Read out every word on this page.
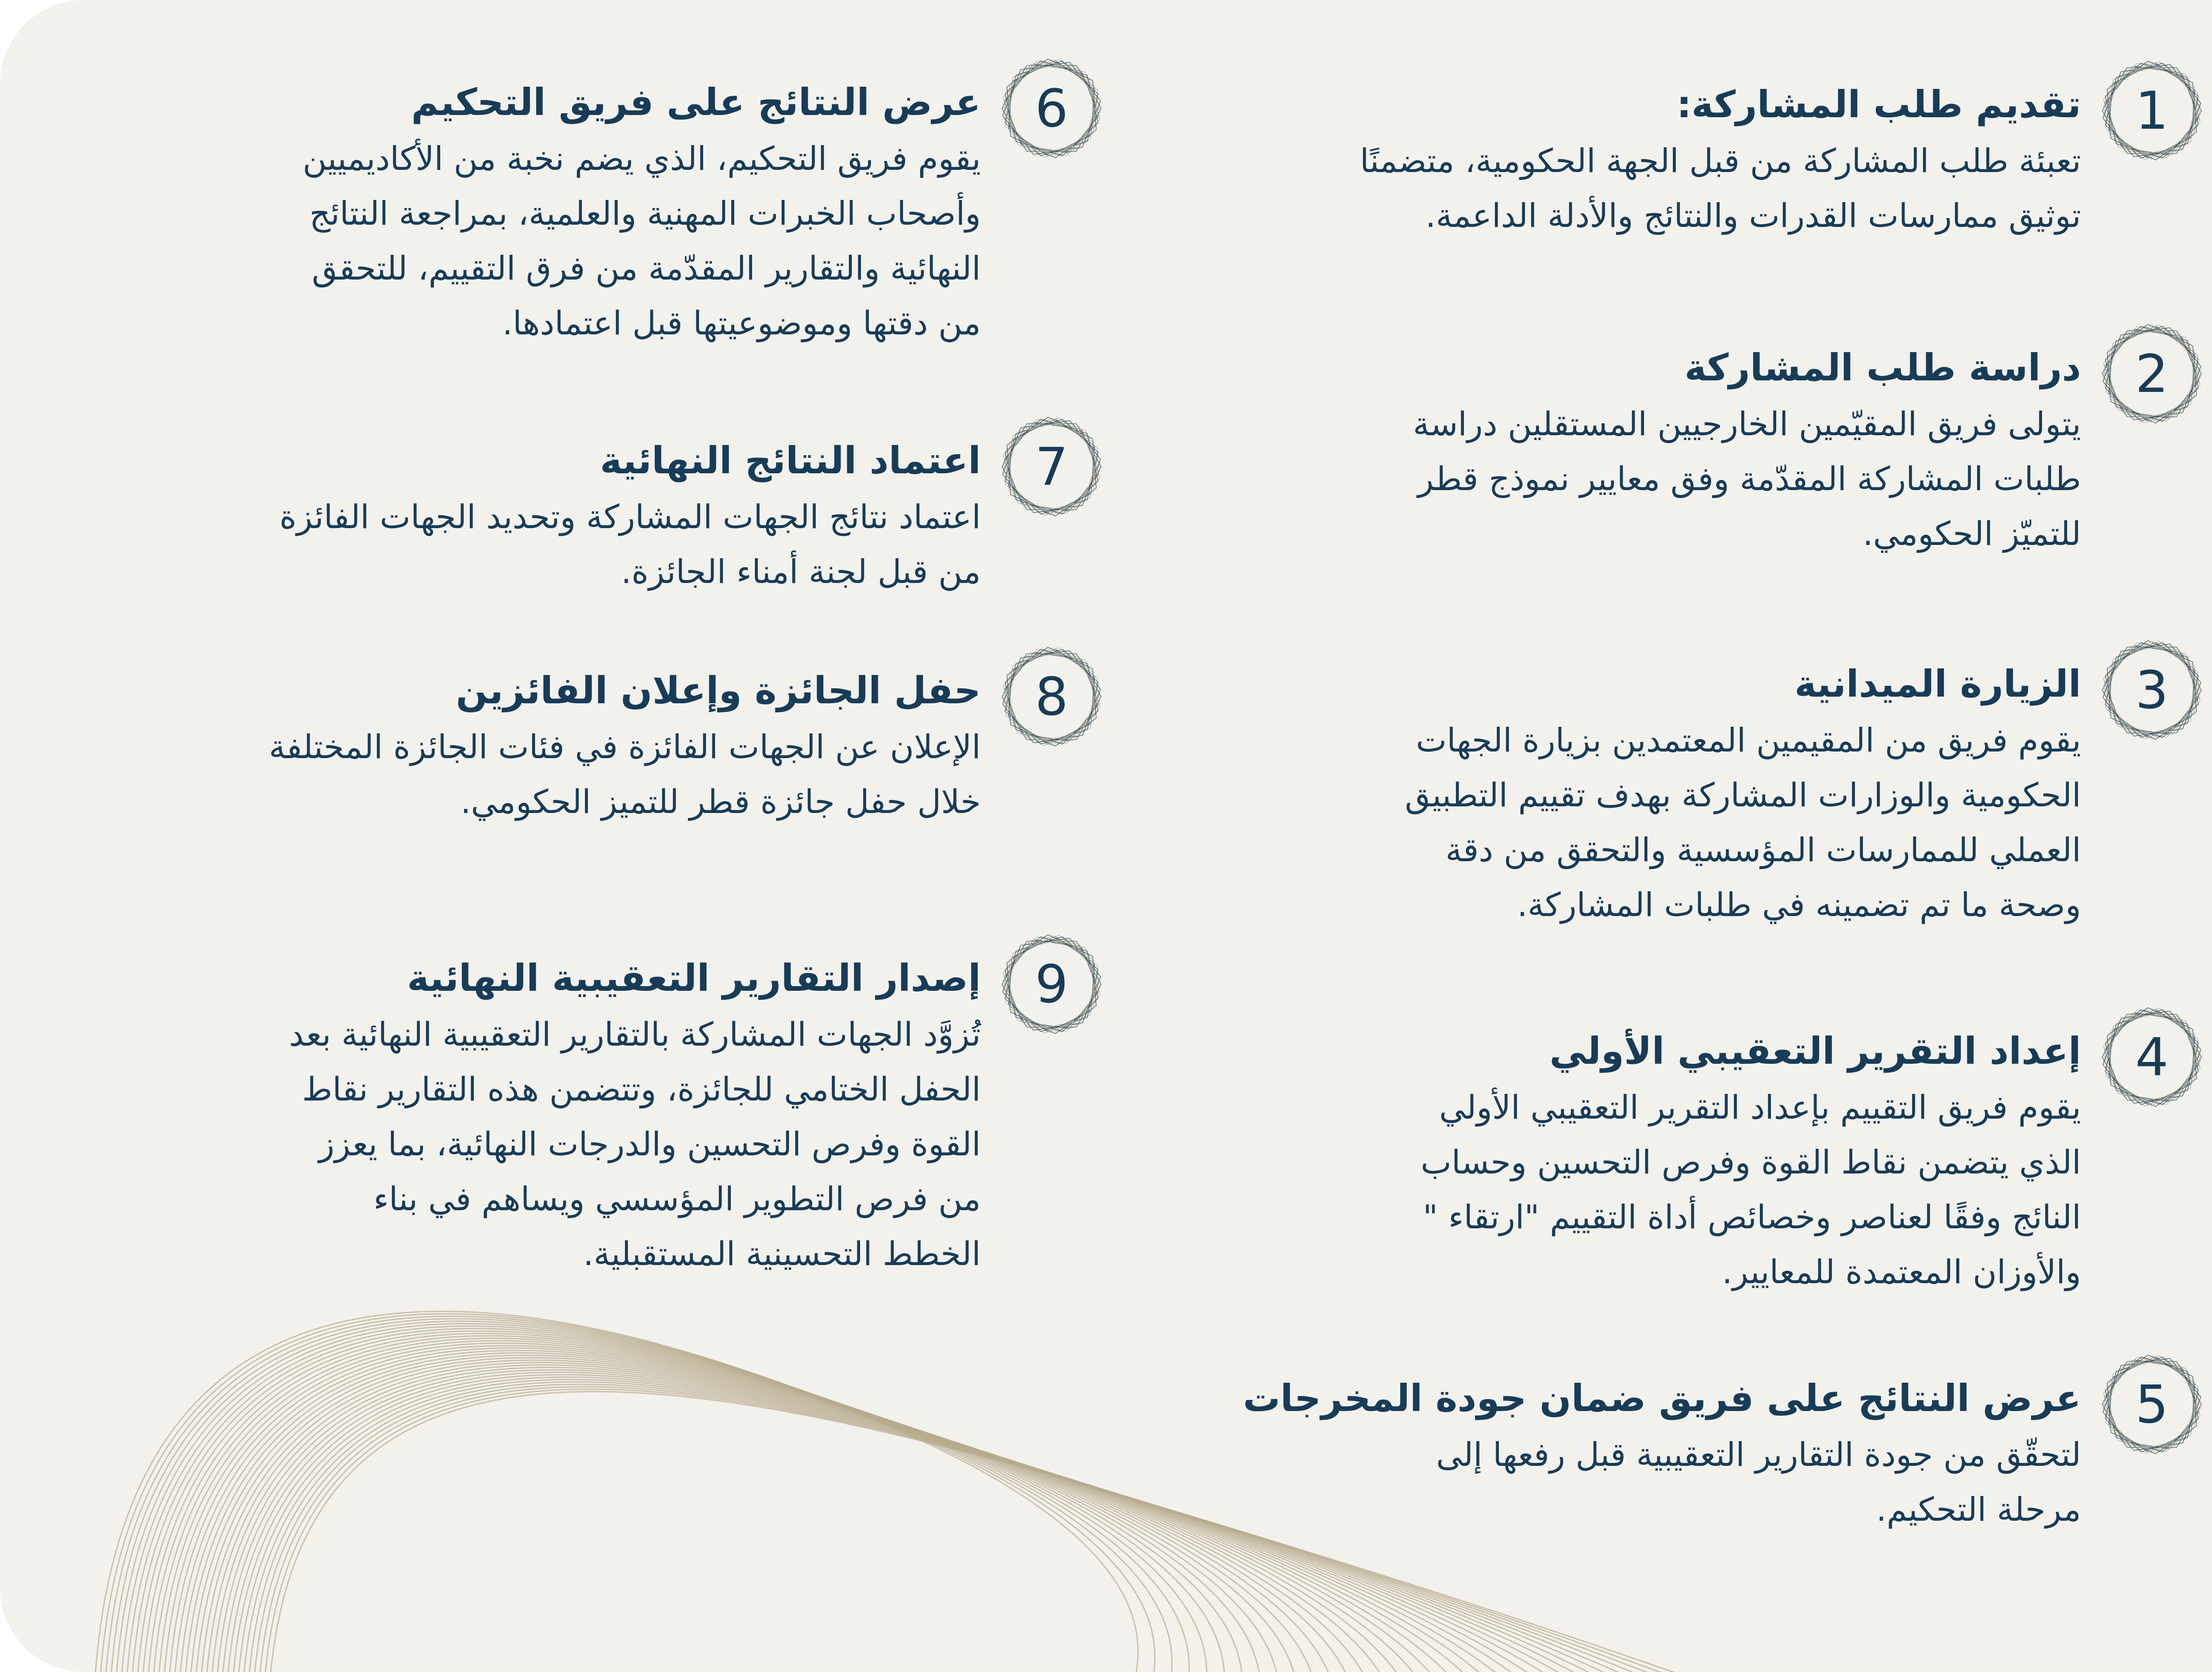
1
تقديم طلب المشاركة:

تعبئة طلب المشاركة من قبل الجهة الحكومية، متضمنًا

توثيق ممارسات القدرات والنتائج والأدلة الداعمة.

2
دراسة طلب المشاركة

يتولى فريق المقيّمين الخارجيين المستقلين دراسة

طلبات المشاركة المقدّمة وفق معايير نموذج قطر

للتميّز الحكومي.

3
الزيارة الميدانية

يقوم فريق من المقيمين المعتمدين بزيارة الجهات

الحكومية والوزارات المشاركة بهدف تقييم التطبيق

العملي للممارسات المؤسسية والتحقق من دقة

وصحة ما تم تضمينه في طلبات المشاركة.

4
إعداد التقرير التعقيبي الأولي

يقوم فريق التقييم بإعداد التقرير التعقيبي الأولي

الذي يتضمن نقاط القوة وفرص التحسين وحساب

النائج وفقًا لعناصر وخصائص أداة التقييم "ارتقاء "

والأوزان المعتمدة للمعايير.

5
عرض النتائج على فريق ضمان جودة المخرجات

لتحقّق من جودة التقارير التعقيبية قبل رفعها إلى

مرحلة التحكيم.

6
عرض النتائج على فريق التحكيم

يقوم فريق التحكيم، الذي يضم نخبة من الأكاديميين

وأصحاب الخبرات المهنية والعلمية، بمراجعة النتائج

النهائية والتقارير المقدّمة من فرق التقييم، للتحقق

من دقتها وموضوعيتها قبل اعتمادها.

7
اعتماد النتائج النهائية

اعتماد نتائج الجهات المشاركة وتحديد الجهات الفائزة

من قبل لجنة أمناء الجائزة.

8
حفل الجائزة وإعلان الفائزين

الإعلان عن الجهات الفائزة في فئات الجائزة المختلفة

خلال حفل جائزة قطر للتميز الحكومي.

9
إصدار التقارير التعقيبية النهائية

تُزوَّد الجهات المشاركة بالتقارير التعقيبية النهائية بعد

الحفل الختامي للجائزة، وتتضمن هذه التقارير نقاط

القوة وفرص التحسين والدرجات النهائية، بما يعزز

من فرص التطوير المؤسسي ويساهم في بناء

الخطط التحسينية المستقبلية.
